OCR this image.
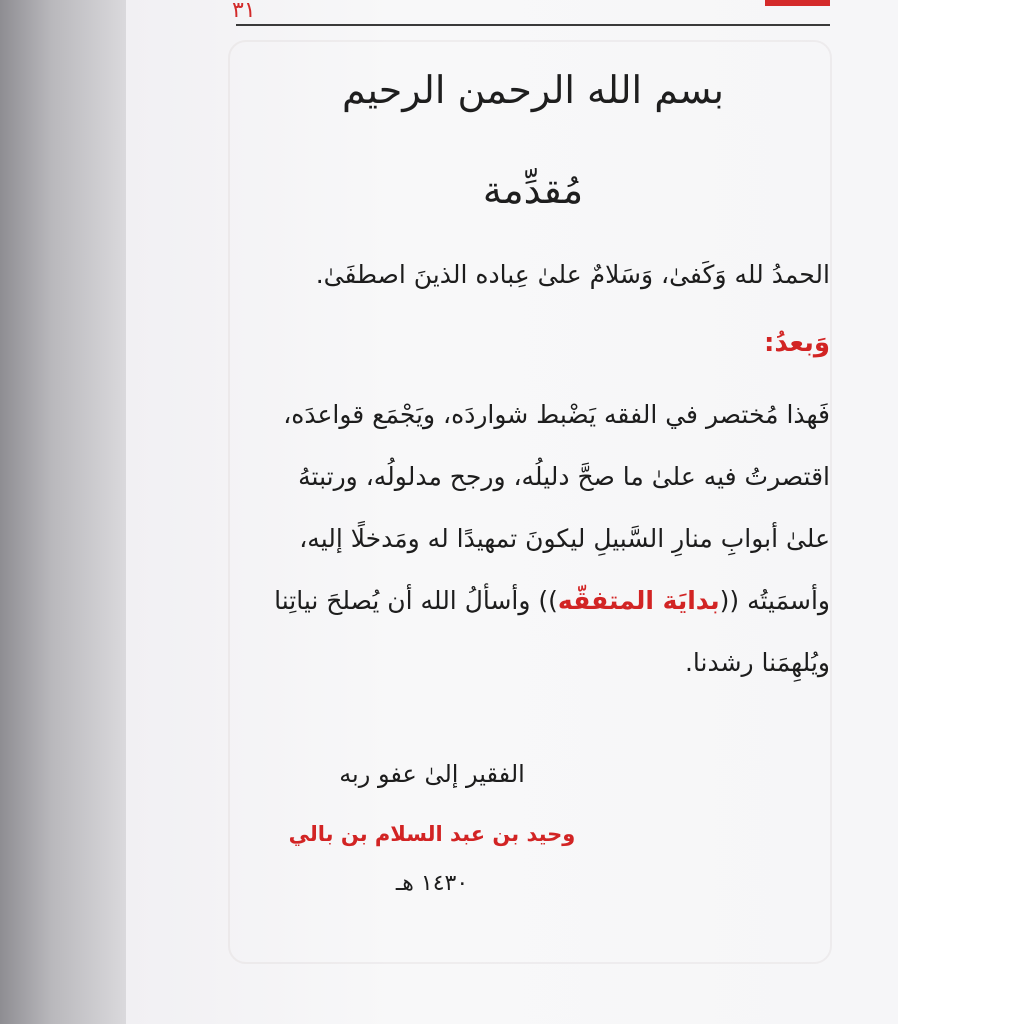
٣١
بسم الله الرحمن الرحيم
مُقدِّمة
الحمدُ لله وَكَفىٰ، وَسَلامٌ علىٰ عِباده الذينَ اصطفَىٰ.
وَبعدُ:
فَهذا مُختصر في الفقه يَضْبط شواردَه، ويَجْمَع قواعدَه،
اقتصرتُ فيه علىٰ ما صحَّ دليلُه، ورجح مدلولُه، ورتبتهُ
علىٰ أبوابِ منارِ السَّبيلِ ليكونَ تمهيدًا له ومَدخلًا إليه،
وأسمَيتُه ((بدايَة المتفقّه)) وأسألُ الله أن يُصلحَ نياتِنا
ويُلهِمَنا رشدنا.
الفقير إلىٰ عفو ربه
وحيد بن عبد السلام بن بالي
١٤٣٠ هـ
